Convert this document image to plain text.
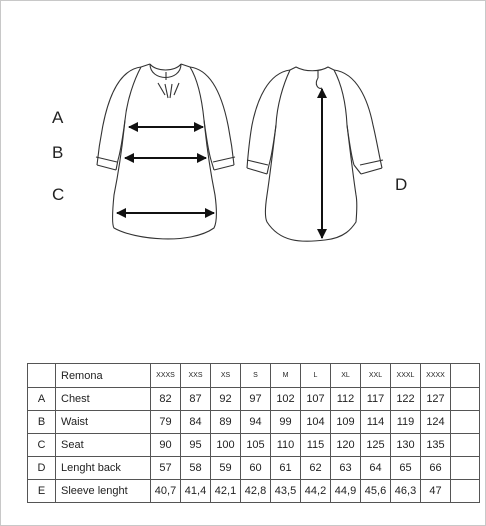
A
B
C
D
	Remona	XXXS	XXS	XS	S	M	L	XL	XXL	XXXL	XXXX	
A	Chest	82	87	92	97	102	107	112	117	122	127	
B	Waist	79	84	89	94	99	104	109	114	119	124	
C	Seat	90	95	100	105	110	115	120	125	130	135	
D	Lenght back	57	58	59	60	61	62	63	64	65	66	
E	Sleeve lenght	40,7	41,4	42,1	42,8	43,5	44,2	44,9	45,6	46,3	47	
